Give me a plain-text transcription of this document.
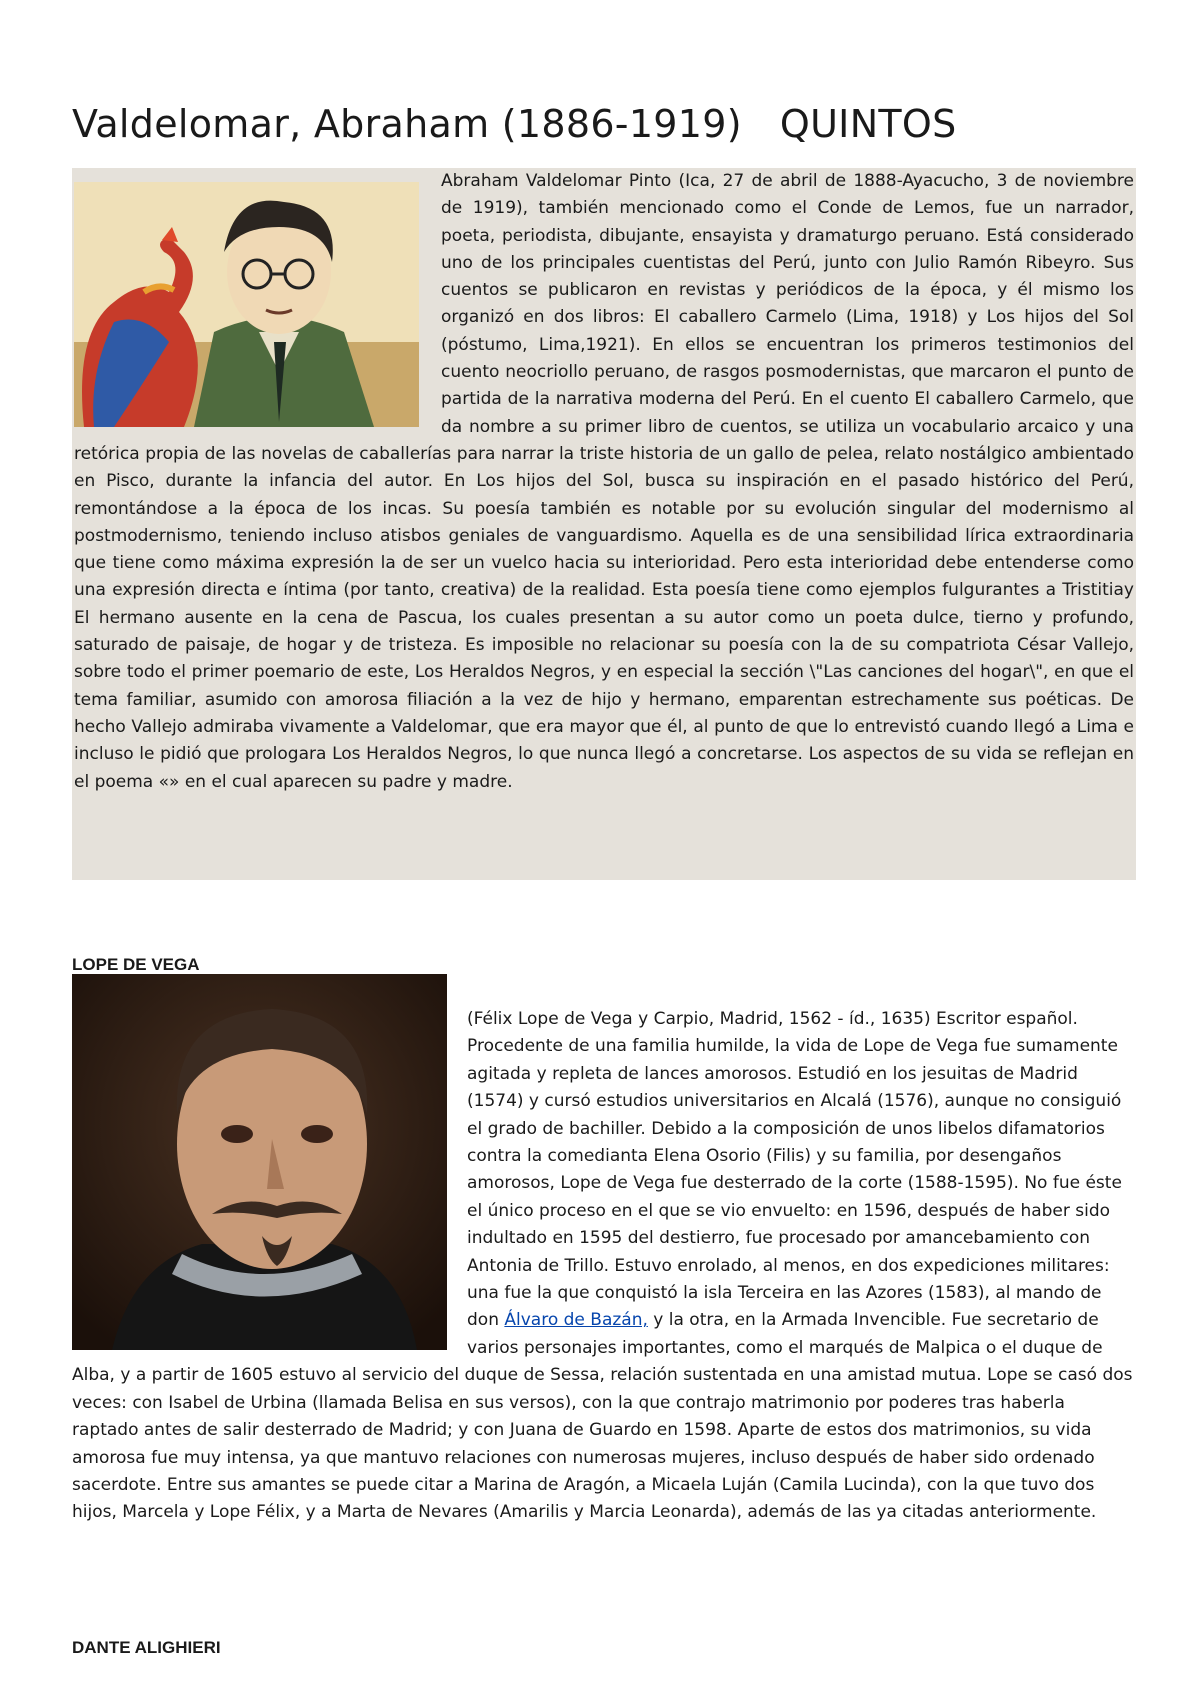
Valdelomar, Abraham (1886-1919) QUINTOS

Abraham Valdelomar Pinto (Ica, 27 de abril de 1888-Ayacucho, 3 de noviembre de 1919), también mencionado como el Conde de Lemos, fue un narrador, poeta, periodista, dibujante, ensayista y dramaturgo peruano. Está considerado uno de los principales cuentistas del Perú, junto con Julio Ramón Ribeyro. Sus cuentos se publicaron en revistas y periódicos de la época, y él mismo los organizó en dos libros: El caballero Carmelo (Lima, 1918) y Los hijos del Sol (póstumo, Lima,1921). En ellos se encuentran los primeros testimonios del cuento neocriollo peruano, de rasgos posmodernistas, que marcaron el punto de partida de la narrativa moderna del Perú. En el cuento El caballero Carmelo, que da nombre a su primer libro de cuentos, se utiliza un vocabulario arcaico y una retórica propia de las novelas de caballerías para narrar la triste historia de un gallo de pelea, relato nostálgico ambientado en Pisco, durante la infancia del autor. En Los hijos del Sol, busca su inspiración en el pasado histórico del Perú, remontándose a la época de los incas. Su poesía también es notable por su evolución singular del modernismo al postmodernismo, teniendo incluso atisbos geniales de vanguardismo. Aquella es de una sensibilidad lírica extraordinaria que tiene como máxima expresión la de ser un vuelco hacia su interioridad. Pero esta interioridad debe entenderse como una expresión directa e íntima (por tanto, creativa) de la realidad. Esta poesía tiene como ejemplos fulgurantes a Tristitiay El hermano ausente en la cena de Pascua, los cuales presentan a su autor como un poeta dulce, tierno y profundo, saturado de paisaje, de hogar y de tristeza. Es imposible no relacionar su poesía con la de su compatriota César Vallejo, sobre todo el primer poemario de este, Los Heraldos Negros, y en especial la sección \"Las canciones del hogar\", en que el tema familiar, asumido con amorosa filiación a la vez de hijo y hermano, emparentan estrechamente sus poéticas. De hecho Vallejo admiraba vivamente a Valdelomar, que era mayor que él, al punto de que lo entrevistó cuando llegó a Lima e incluso le pidió que prologara Los Heraldos Negros, lo que nunca llegó a concretarse. Los aspectos de su vida se reflejan en el poema «» en el cual aparecen su padre y madre.

LOPE DE VEGA

(Félix Lope de Vega y Carpio, Madrid, 1562 - íd., 1635) Escritor español. Procedente de una familia humilde, la vida de Lope de Vega fue sumamente agitada y repleta de lances amorosos. Estudió en los jesuitas de Madrid (1574) y cursó estudios universitarios en Alcalá (1576), aunque no consiguió el grado de bachiller. Debido a la composición de unos libelos difamatorios contra la comedianta Elena Osorio (Filis) y su familia, por desengaños amorosos, Lope de Vega fue desterrado de la corte (1588-1595). No fue éste el único proceso en el que se vio envuelto: en 1596, después de haber sido indultado en 1595 del destierro, fue procesado por amancebamiento con Antonia de Trillo. Estuvo enrolado, al menos, en dos expediciones militares: una fue la que conquistó la isla Terceira en las Azores (1583), al mando de don Álvaro de Bazán, y la otra, en la Armada Invencible. Fue secretario de varios personajes importantes, como el marqués de Malpica o el duque de Alba, y a partir de 1605 estuvo al servicio del duque de Sessa, relación sustentada en una amistad mutua. Lope se casó dos veces: con Isabel de Urbina (llamada Belisa en sus versos), con la que contrajo matrimonio por poderes tras haberla raptado antes de salir desterrado de Madrid; y con Juana de Guardo en 1598. Aparte de estos dos matrimonios, su vida amorosa fue muy intensa, ya que mantuvo relaciones con numerosas mujeres, incluso después de haber sido ordenado sacerdote. Entre sus amantes se puede citar a Marina de Aragón, a Micaela Luján (Camila Lucinda), con la que tuvo dos hijos, Marcela y Lope Félix, y a Marta de Nevares (Amarilis y Marcia Leonarda), además de las ya citadas anteriormente.

DANTE ALIGHIERI
